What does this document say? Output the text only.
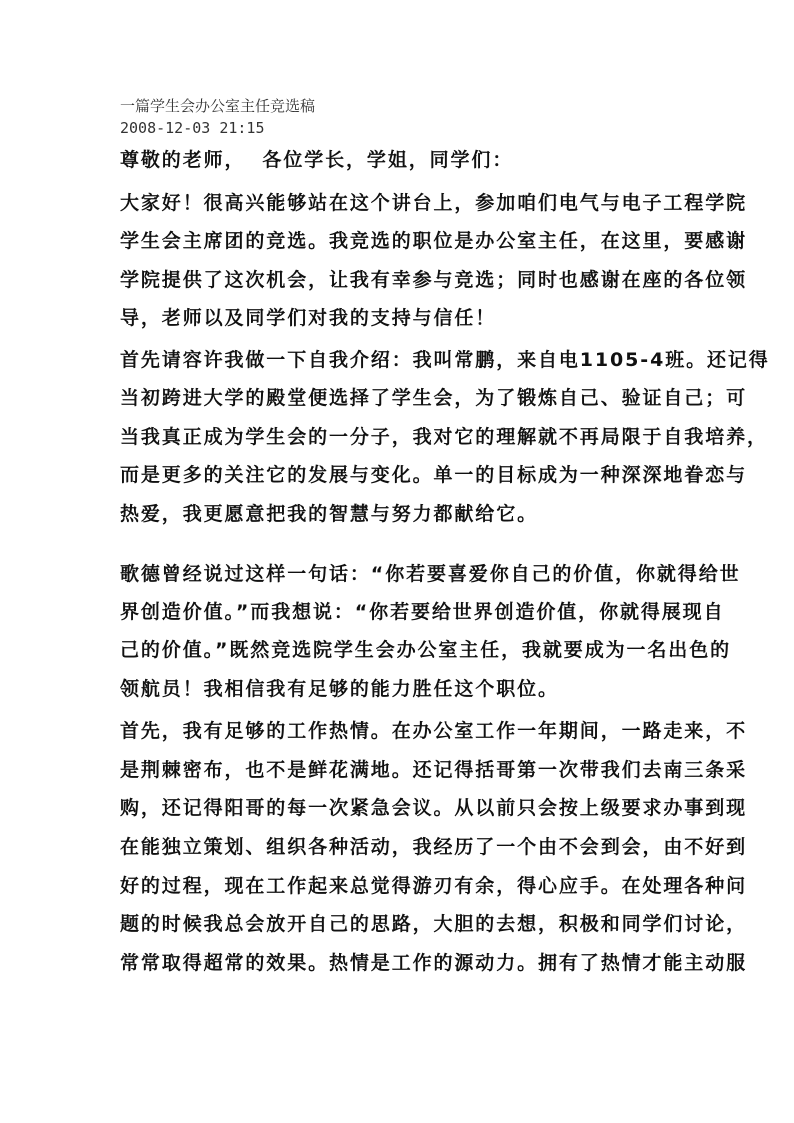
一篇学生会办公室主任竞选稿
2008-12-03 21:15
尊敬的老师，  各位学长，学姐，同学们：
大家好！很高兴能够站在这个讲台上，参加咱们电气与电子工程学院
学生会主席团的竞选。我竞选的职位是办公室主任，在这里，要感谢
学院提供了这次机会，让我有幸参与竞选；同时也感谢在座的各位领
导，老师以及同学们对我的支持与信任！
首先请容许我做一下自我介绍：我叫常鹏，来自电1105-4班。还记得
当初跨进大学的殿堂便选择了学生会，为了锻炼自己、验证自己；可
当我真正成为学生会的一分子，我对它的理解就不再局限于自我培养，
而是更多的关注它的发展与变化。单一的目标成为一种深深地眷恋与
热爱，我更愿意把我的智慧与努力都献给它。
歌德曾经说过这样一句话：“你若要喜爱你自己的价值，你就得给世
界创造价值。”而我想说：“你若要给世界创造价值，你就得展现自
己的价值。”既然竞选院学生会办公室主任，我就要成为一名出色的
领航员！我相信我有足够的能力胜任这个职位。
首先，我有足够的工作热情。在办公室工作一年期间，一路走来，不
是荆棘密布，也不是鲜花满地。还记得括哥第一次带我们去南三条采
购，还记得阳哥的每一次紧急会议。从以前只会按上级要求办事到现
在能独立策划、组织各种活动，我经历了一个由不会到会，由不好到
好的过程，现在工作起来总觉得游刃有余，得心应手。在处理各种问
题的时候我总会放开自己的思路，大胆的去想，积极和同学们讨论，
常常取得超常的效果。热情是工作的源动力。拥有了热情才能主动服
